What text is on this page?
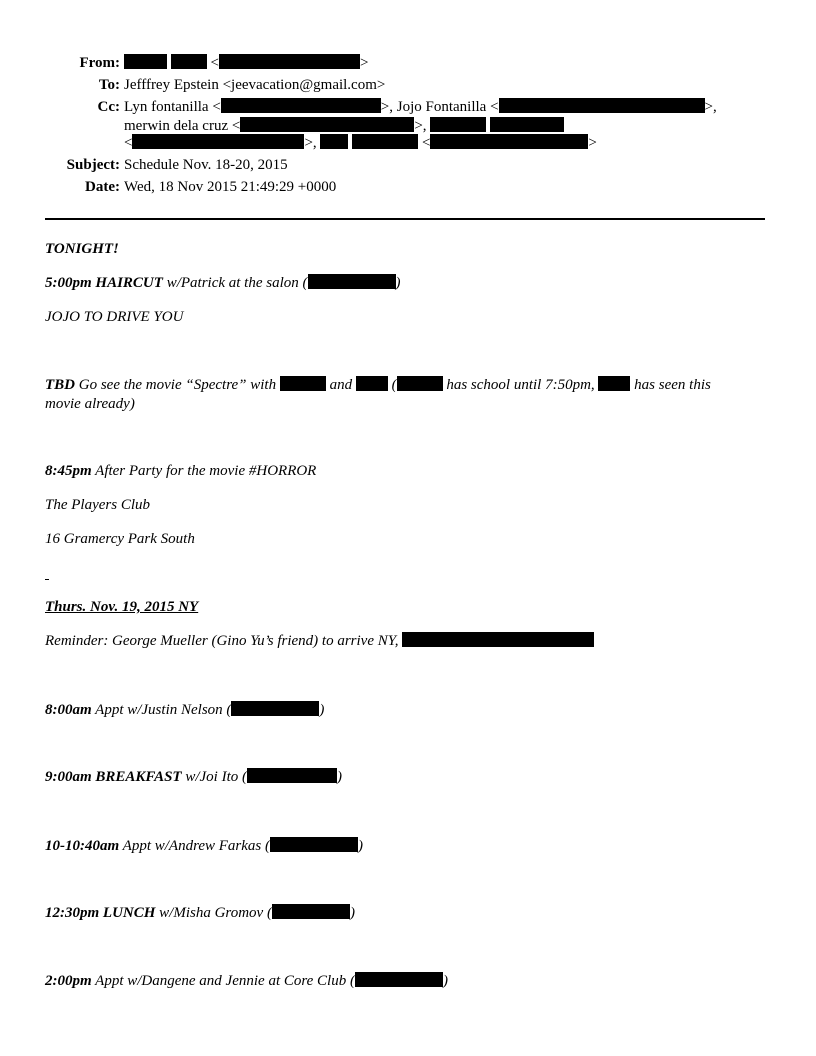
From:	<	>
To: Jefffrey Epstein <jeevacation@gmail.com>
Cc: Lyn fontanilla <	>, Jojo Fontanilla <	>,
merwin dela cruz <	>,
<	>,	<	>
Subject: Schedule Nov. 18-20, 2015
Date: Wed, 18 Nov 2015 21:49:29 +0000
TONIGHT!
5:00pm HAIRCUT w/Patrick at the salon (	)
JOJO TO DRIVE YOU
TBD Go see the movie “Spectre” with	and  (	has school until 7:50pm,  has seen this
movie already)
8:45pm After Party for the movie #HORROR
The Players Club
16 Gramercy Park South
Thurs. Nov. 19, 2015 NY
Reminder: George Mueller (Gino Yu’s friend) to arrive NY,
8:00am Appt w/Justin Nelson (	)
9:00am BREAKFAST w/Joi Ito (	)
10-10:40am Appt w/Andrew Farkas (	)
12:30pm LUNCH w/Misha Gromov (	)
2:00pm Appt w/Dangene and Jennie at Core Club (	)
